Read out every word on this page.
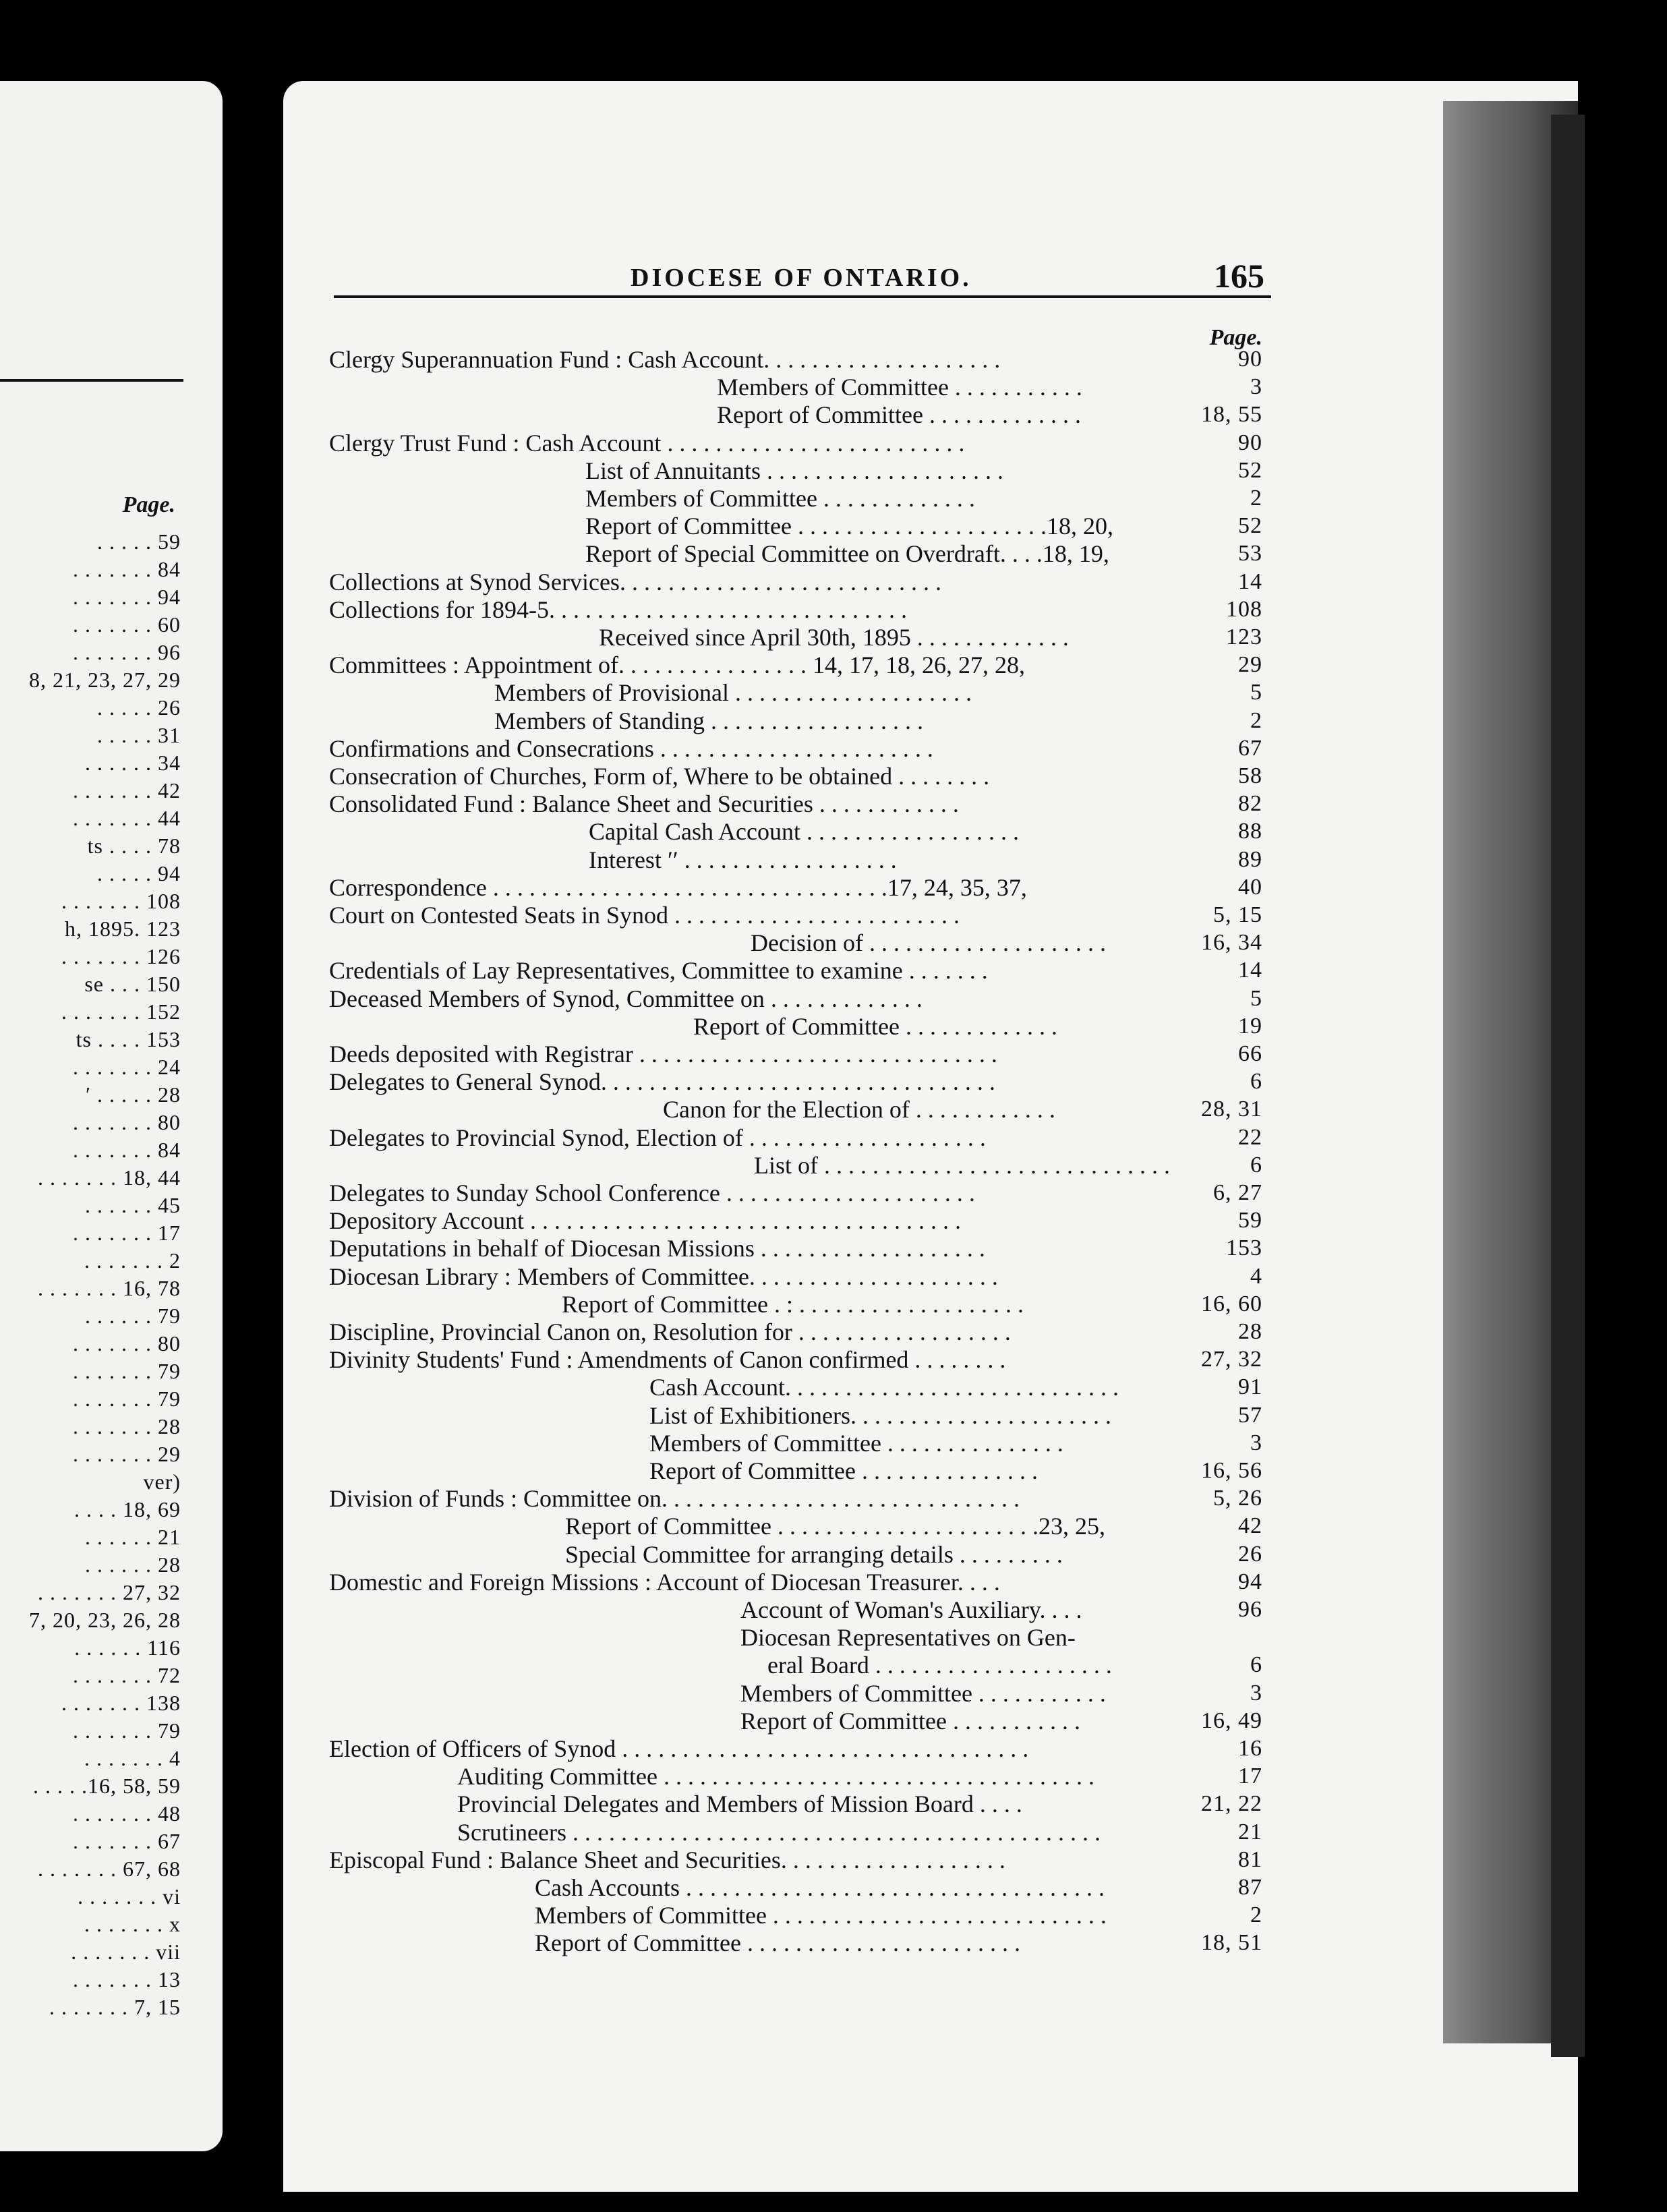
Page.
. . . . . 59
. . . . . . . 84
. . . . . . . 94
. . . . . . . 60
. . . . . . . 96
8, 21, 23, 27, 29
. . . . . 26
. . . . . 31
. . . . . . 34
. . . . . . . 42
. . . . . . . 44
ts . . . . 78
. . . . . 94
. . . . . . . 108
h, 1895. 123
. . . . . . . 126
se . . . 150
. . . . . . . 152
ts . . . . 153
. . . . . . . 24
′ . . . . . 28
. . . . . . . 80
. . . . . . . 84
. . . . . . . 18, 44
. . . . . . 45
. . . . . . . 17
. . . . . . . 2
. . . . . . . 16, 78
. . . . . . 79
. . . . . . . 80
. . . . . . . 79
. . . . . . . 79
. . . . . . . 28
. . . . . . . 29
ver)
. . . . 18, 69
. . . . . . 21
. . . . . . 28
. . . . . . . 27, 32
7, 20, 23, 26, 28
. . . . . . 116
. . . . . . . 72
. . . . . . . 138
. . . . . . . 79
. . . . . . . 4
. . . . .16, 58, 59
. . . . . . . 48
. . . . . . . 67
. . . . . . . 67, 68
. . . . . . . vi
. . . . . . . x
. . . . . . . vii
. . . . . . . 13
. . . . . . . 7, 15
DIOCESE OF ONTARIO.	165
Page.
Clergy Superannuation Fund : Cash Account. . . . . . . . . . . . . . . . . . . .	90
Members of Committee . . . . . . . . . . .	3
Report of Committee . . . . . . . . . . . . .	18, 55
Clergy Trust Fund : Cash Account . . . . . . . . . . . . . . . . . . . . . . . . .	90
List of Annuitants . . . . . . . . . . . . . . . . . . . .	52
Members of Committee . . . . . . . . . . . . .	2
Report of Committee . . . . . . . . . . . . . . . . . . . . .18, 20,	52
Report of Special Committee on Overdraft. . . .18, 19,	53
Collections at Synod Services. . . . . . . . . . . . . . . . . . . . . . . . . . .	14
Collections for 1894-5. . . . . . . . . . . . . . . . . . . . . . . . . . . . . .	108
Received since April 30th, 1895 . . . . . . . . . . . . .	123
Committees : Appointment of. . . . . . . . . . . . . . . . 14, 17, 18, 26, 27, 28,	29
Members of Provisional . . . . . . . . . . . . . . . . . . . .	5
Members of Standing . . . . . . . . . . . . . . . . . .	2
Confirmations and Consecrations . . . . . . . . . . . . . . . . . . . . . . .	67
Consecration of Churches, Form of, Where to be obtained . . . . . . . .	58
Consolidated Fund : Balance Sheet and Securities . . . . . . . . . . . .	82
Capital Cash Account . . . . . . . . . . . . . . . . . .	88
Interest ′′ . . . . . . . . . . . . . . . . . .	89
Correspondence . . . . . . . . . . . . . . . . . . . . . . . . . . . . . . . . .17, 24, 35, 37,	40
Court on Contested Seats in Synod . . . . . . . . . . . . . . . . . . . . . . . .	5, 15
Decision of . . . . . . . . . . . . . . . . . . . .	16, 34
Credentials of Lay Representatives, Committee to examine . . . . . . .	14
Deceased Members of Synod, Committee on . . . . . . . . . . . . .	5
Report of Committee . . . . . . . . . . . . .	19
Deeds deposited with Registrar . . . . . . . . . . . . . . . . . . . . . . . . . . . . . .	66
Delegates to General Synod. . . . . . . . . . . . . . . . . . . . . . . . . . . . . . . . .	6
Canon for the Election of . . . . . . . . . . . .	28, 31
Delegates to Provincial Synod, Election of . . . . . . . . . . . . . . . . . . . .	22
List of . . . . . . . . . . . . . . . . . . . . . . . . . . . . .	6
Delegates to Sunday School Conference . . . . . . . . . . . . . . . . . . . . .	6, 27
Depository Account . . . . . . . . . . . . . . . . . . . . . . . . . . . . . . . . . . . .	59
Deputations in behalf of Diocesan Missions . . . . . . . . . . . . . . . . . . .	153
Diocesan Library : Members of Committee. . . . . . . . . . . . . . . . . . . . .	4
Report of Committee . : . . . . . . . . . . . . . . . . . . .	16, 60
Discipline, Provincial Canon on, Resolution for . . . . . . . . . . . . . . . . . .	28
Divinity Students' Fund : Amendments of Canon confirmed . . . . . . . .	27, 32
Cash Account. . . . . . . . . . . . . . . . . . . . . . . . . . . .	91
List of Exhibitioners. . . . . . . . . . . . . . . . . . . . . .	57
Members of Committee . . . . . . . . . . . . . . .	3
Report of Committee . . . . . . . . . . . . . . .	16, 56
Division of Funds : Committee on. . . . . . . . . . . . . . . . . . . . . . . . . . . . . .	5, 26
Report of Committee . . . . . . . . . . . . . . . . . . . . . .23, 25,	42
Special Committee for arranging details . . . . . . . . .	26
Domestic and Foreign Missions : Account of Diocesan Treasurer. . . .	94
Account of Woman's Auxiliary. . . .	96
Diocesan Representatives on Gen-
eral Board . . . . . . . . . . . . . . . . . . . .	6
Members of Committee . . . . . . . . . . .	3
Report of Committee . . . . . . . . . . .	16, 49
Election of Officers of Synod . . . . . . . . . . . . . . . . . . . . . . . . . . . . . . . . . .	16
Auditing Committee . . . . . . . . . . . . . . . . . . . . . . . . . . . . . . . . . . . .	17
Provincial Delegates and Members of Mission Board . . . .	21, 22
Scrutineers . . . . . . . . . . . . . . . . . . . . . . . . . . . . . . . . . . . . . . . . . . . .	21
Episcopal Fund : Balance Sheet and Securities. . . . . . . . . . . . . . . . . . .	81
Cash Accounts . . . . . . . . . . . . . . . . . . . . . . . . . . . . . . . . . . .	87
Members of Committee . . . . . . . . . . . . . . . . . . . . . . . . . . . .	2
Report of Committee . . . . . . . . . . . . . . . . . . . . . . .	18, 51
